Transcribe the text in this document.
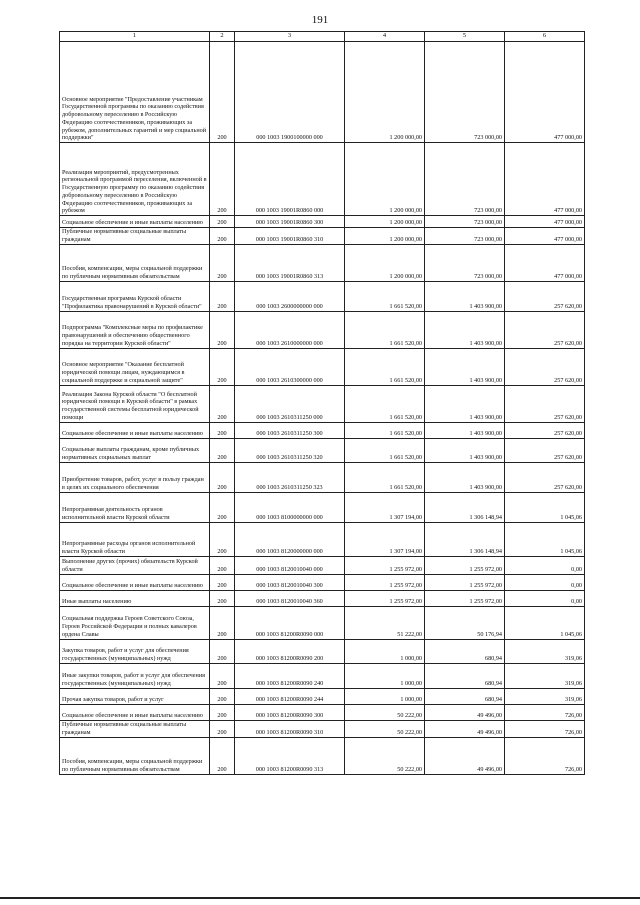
191
1	2	3	4	5	6
Основное мероприятие "Предоставление участникам Государственной программы по оказанию содействия добровольному переселению в Российскую Федерацию соотечественников, проживающих за рубежом, дополнительных гарантий и мер социальной поддержки"	200	000 1003 1900100000 000	1 200 000,00	723 000,00	477 000,00
Реализация мероприятий, предусмотренных региональной программой переселения, включенной в Государственную программу по оказанию содействия добровольному переселению в Российскую Федерацию соотечественников, проживающих за рубежом	200	000 1003 19001R0860 000	1 200 000,00	723 000,00	477 000,00
Социальное обеспечение и иные выплаты населению	200	000 1003 19001R0860 300	1 200 000,00	723 000,00	477 000,00
Публичные нормативные социальные выплаты гражданам	200	000 1003 19001R0860 310	1 200 000,00	723 000,00	477 000,00
Пособия, компенсации, меры социальной поддержки по публичным нормативным обязательствам	200	000 1003 19001R0860 313	1 200 000,00	723 000,00	477 000,00
Государственная программа Курской области "Профилактика правонарушений в Курской области"	200	000 1003 2600000000 000	1 661 520,00	1 403 900,00	257 620,00
Подпрограмма "Комплексные меры по профилактике правонарушений и обеспечению общественного порядка на территории Курской области"	200	000 1003 2610000000 000	1 661 520,00	1 403 900,00	257 620,00
Основное мероприятие "Оказание бесплатной юридической помощи лицам, нуждающимся в социальной поддержке и социальной защите"	200	000 1003 2610300000 000	1 661 520,00	1 403 900,00	257 620,00
Реализация Закона Курской области "О бесплатной юридической помощи в Курской области" в рамках государственной системы бесплатной юридической помощи	200	000 1003 2610311250 000	1 661 520,00	1 403 900,00	257 620,00
Социальное обеспечение и иные выплаты населению	200	000 1003 2610311250 300	1 661 520,00	1 403 900,00	257 620,00
Социальные выплаты гражданам, кроме публичных нормативных социальных выплат	200	000 1003 2610311250 320	1 661 520,00	1 403 900,00	257 620,00
Приобретение товаров, работ, услуг в пользу граждан в целях их социального обеспечения	200	000 1003 2610311250 323	1 661 520,00	1 403 900,00	257 620,00
Непрограммная деятельность органов исполнительной власти Курской области	200	000 1003 8100000000 000	1 307 194,00	1 306 148,94	1 045,06
Непрограммные расходы органов исполнительной власти Курской области	200	000 1003 8120000000 000	1 307 194,00	1 306 148,94	1 045,06
Выполнение других (прочих) обязательств Курской области	200	000 1003 8120010040 000	1 255 972,00	1 255 972,00	0,00
Социальное обеспечение и иные выплаты населению	200	000 1003 8120010040 300	1 255 972,00	1 255 972,00	0,00
Иные выплаты населению	200	000 1003 8120010040 360	1 255 972,00	1 255 972,00	0,00
Социальная поддержка Героев Советского Союза, Героев Российской Федерации и полных кавалеров ордена Славы	200	000 1003 81200R0090 000	51 222,00	50 176,94	1 045,06
Закупка товаров, работ и услуг для обеспечения государственных (муниципальных) нужд	200	000 1003 81200R0090 200	1 000,00	680,94	319,06
Иные закупки товаров, работ и услуг для обеспечения государственных (муниципальных) нужд	200	000 1003 81200R0090 240	1 000,00	680,94	319,06
Прочая закупка товаров, работ и услуг	200	000 1003 81200R0090 244	1 000,00	680,94	319,06
Социальное обеспечение и иные выплаты населению	200	000 1003 81200R0090 300	50 222,00	49 496,00	726,00
Публичные нормативные социальные выплаты гражданам	200	000 1003 81200R0090 310	50 222,00	49 496,00	726,00
Пособия, компенсации, меры социальной поддержки по публичным нормативным обязательствам	200	000 1003 81200R0090 313	50 222,00	49 496,00	726,00
